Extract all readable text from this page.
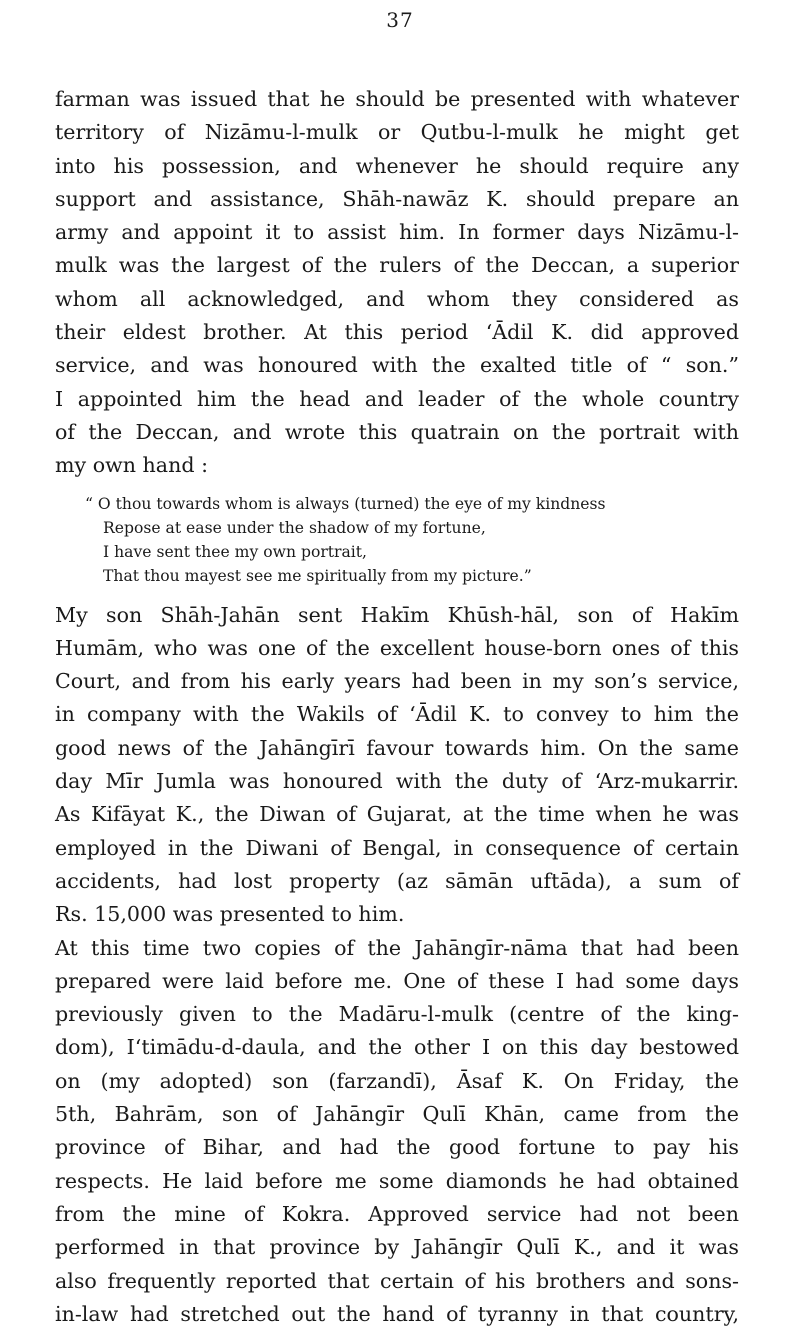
37
farman was issued that he should be presented with whatever
territory of Nizāmu-l-mulk or Qutbu-l-mulk he might get
into his possession, and whenever he should require any
support and assistance, Shāh-nawāz K. should prepare an
army and appoint it to assist him. In former days Nizāmu-l-
mulk was the largest of the rulers of the Deccan, a superior
whom all acknowledged, and whom they considered as
their eldest brother. At this period ‘Ādil K. did approved
service, and was honoured with the exalted title of “ son.”
I appointed him the head and leader of the whole country
of the Deccan, and wrote this quatrain on the portrait with
my own hand :
“ O thou towards whom is always (turned) the eye of my kindness
Repose at ease under the shadow of my fortune,
I have sent thee my own portrait,
That thou mayest see me spiritually from my picture.”
My son Shāh-Jahān sent Hakīm Khūsh-hāl, son of Hakīm
Humām, who was one of the excellent house-born ones of this
Court, and from his early years had been in my son’s service,
in company with the Wakils of ‘Ādil K. to convey to him the
good news of the Jahāngīrī favour towards him. On the same
day Mīr Jumla was honoured with the duty of ‘Arz-mukarrir.
As Kifāyat K., the Diwan of Gujarat, at the time when he was
employed in the Diwani of Bengal, in consequence of certain
accidents, had lost property (az sāmān uftāda), a sum of
Rs. 15,000 was presented to him.
At this time two copies of the Jahāngīr-nāma that had been
prepared were laid before me. One of these I had some days
previously given to the Madāru-l-mulk (centre of the king-
dom), I‘timādu-d-daula, and the other I on this day bestowed
on (my adopted) son (farzandī), Āsaf K. On Friday, the
5th, Bahrām, son of Jahāngīr Qulī Khān, came from the
province of Bihar, and had the good fortune to pay his
respects. He laid before me some diamonds he had obtained
from the mine of Kokra. Approved service had not been
performed in that province by Jahāngīr Qulī K., and it was
also frequently reported that certain of his brothers and sons-
in-law had stretched out the hand of tyranny in that country,
